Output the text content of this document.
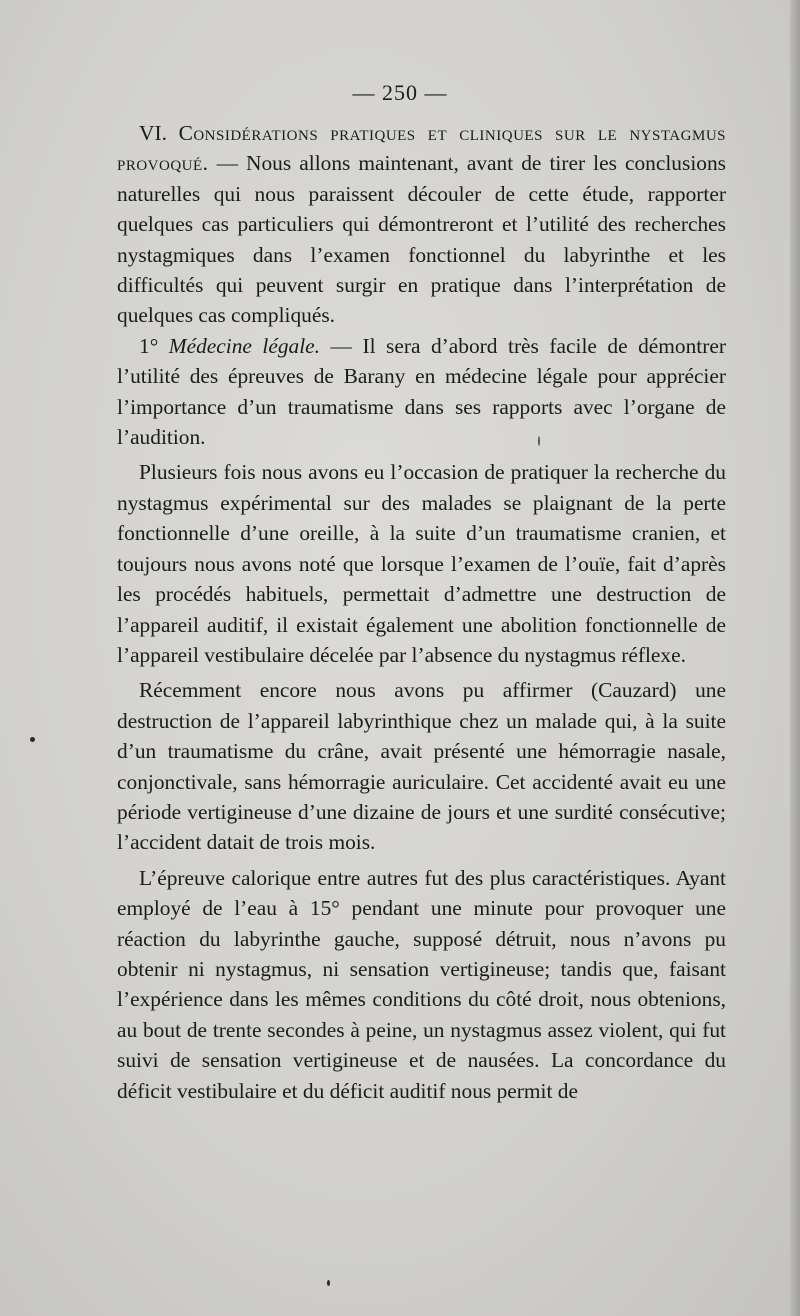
— 250 —

VI. Considérations pratiques et cliniques sur le nystagmus provoqué. — Nous allons maintenant, avant de tirer les conclusions naturelles qui nous paraissent découler de cette étude, rapporter quelques cas particuliers qui démontreront et l’utilité des recherches nystagmiques dans l’examen fonctionnel du labyrinthe et les difficultés qui peuvent surgir en pratique dans l’interprétation de quelques cas compliqués.

1° Médecine légale. — Il sera d’abord très facile de démontrer l’utilité des épreuves de Barany en médecine légale pour apprécier l’importance d’un traumatisme dans ses rapports avec l’organe de l’audition.

Plusieurs fois nous avons eu l’occasion de pratiquer la recherche du nystagmus expérimental sur des malades se plaignant de la perte fonctionnelle d’une oreille, à la suite d’un traumatisme cranien, et toujours nous avons noté que lorsque l’examen de l’ouïe, fait d’après les procédés habituels, permettait d’admettre une destruction de l’appareil auditif, il existait également une abolition fonctionnelle de l’appareil vestibulaire décelée par l’absence du nystagmus réflexe.

Récemment encore nous avons pu affirmer (Cauzard) une destruction de l’appareil labyrinthique chez un malade qui, à la suite d’un traumatisme du crâne, avait présenté une hémorragie nasale, conjonctivale, sans hémorragie auriculaire. Cet accidenté avait eu une période vertigineuse d’une dizaine de jours et une surdité consécutive; l’accident datait de trois mois.

L’épreuve calorique entre autres fut des plus caractéristiques. Ayant employé de l’eau à 15° pendant une minute pour provoquer une réaction du labyrinthe gauche, supposé détruit, nous n’avons pu obtenir ni nystagmus, ni sensation vertigineuse; tandis que, faisant l’expérience dans les mêmes conditions du côté droit, nous obtenions, au bout de trente secondes à peine, un nystagmus assez violent, qui fut suivi de sensation vertigineuse et de nausées. La concordance du déficit vestibulaire et du déficit auditif nous permit de
